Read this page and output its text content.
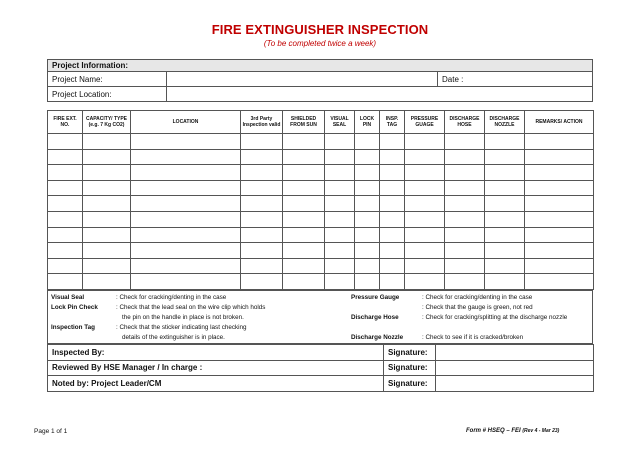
FIRE EXTINGUISHER INSPECTION
(To be completed twice a week)
Project Information:		
Project Name:		Date :
Project Location:		
FIRE EXT. NO.	CAPACITY/ TYPE (e.g. 7 Kg CO2)	LOCATION	3rd Party Inspection valid	SHIELDED FROM SUN	VISUAL SEAL	LOCK PIN	INSP. TAG	PRESSURE GUAGE	DISCHARGE HOSE	DISCHARGE NOZZLE	REMARKS/ ACTION

Visual Seal	: Check for cracking/denting in the case
Lock Pin Check	: Check that the lead seal on the wire clip which holds
the pin on the handle in place is not broken.
Inspection Tag	: Check that the sticker indicating last checking
details of the extinguisher is in place.
Pressure Gauge	: Check for cracking/denting in the case
: Check that the gauge is green, not red
Discharge Hose	: Check for cracking/splitting at the discharge nozzle
Discharge Nozzle	: Check to see if it is cracked/broken
Inspected By:	Signature:	
Reviewed By HSE Manager / In charge :	Signature:	
Noted by: Project Leader/CM	Signature:	
Page 1 of 1	Form # HSEQ – FEI (Rev 4 - Mar 23)
